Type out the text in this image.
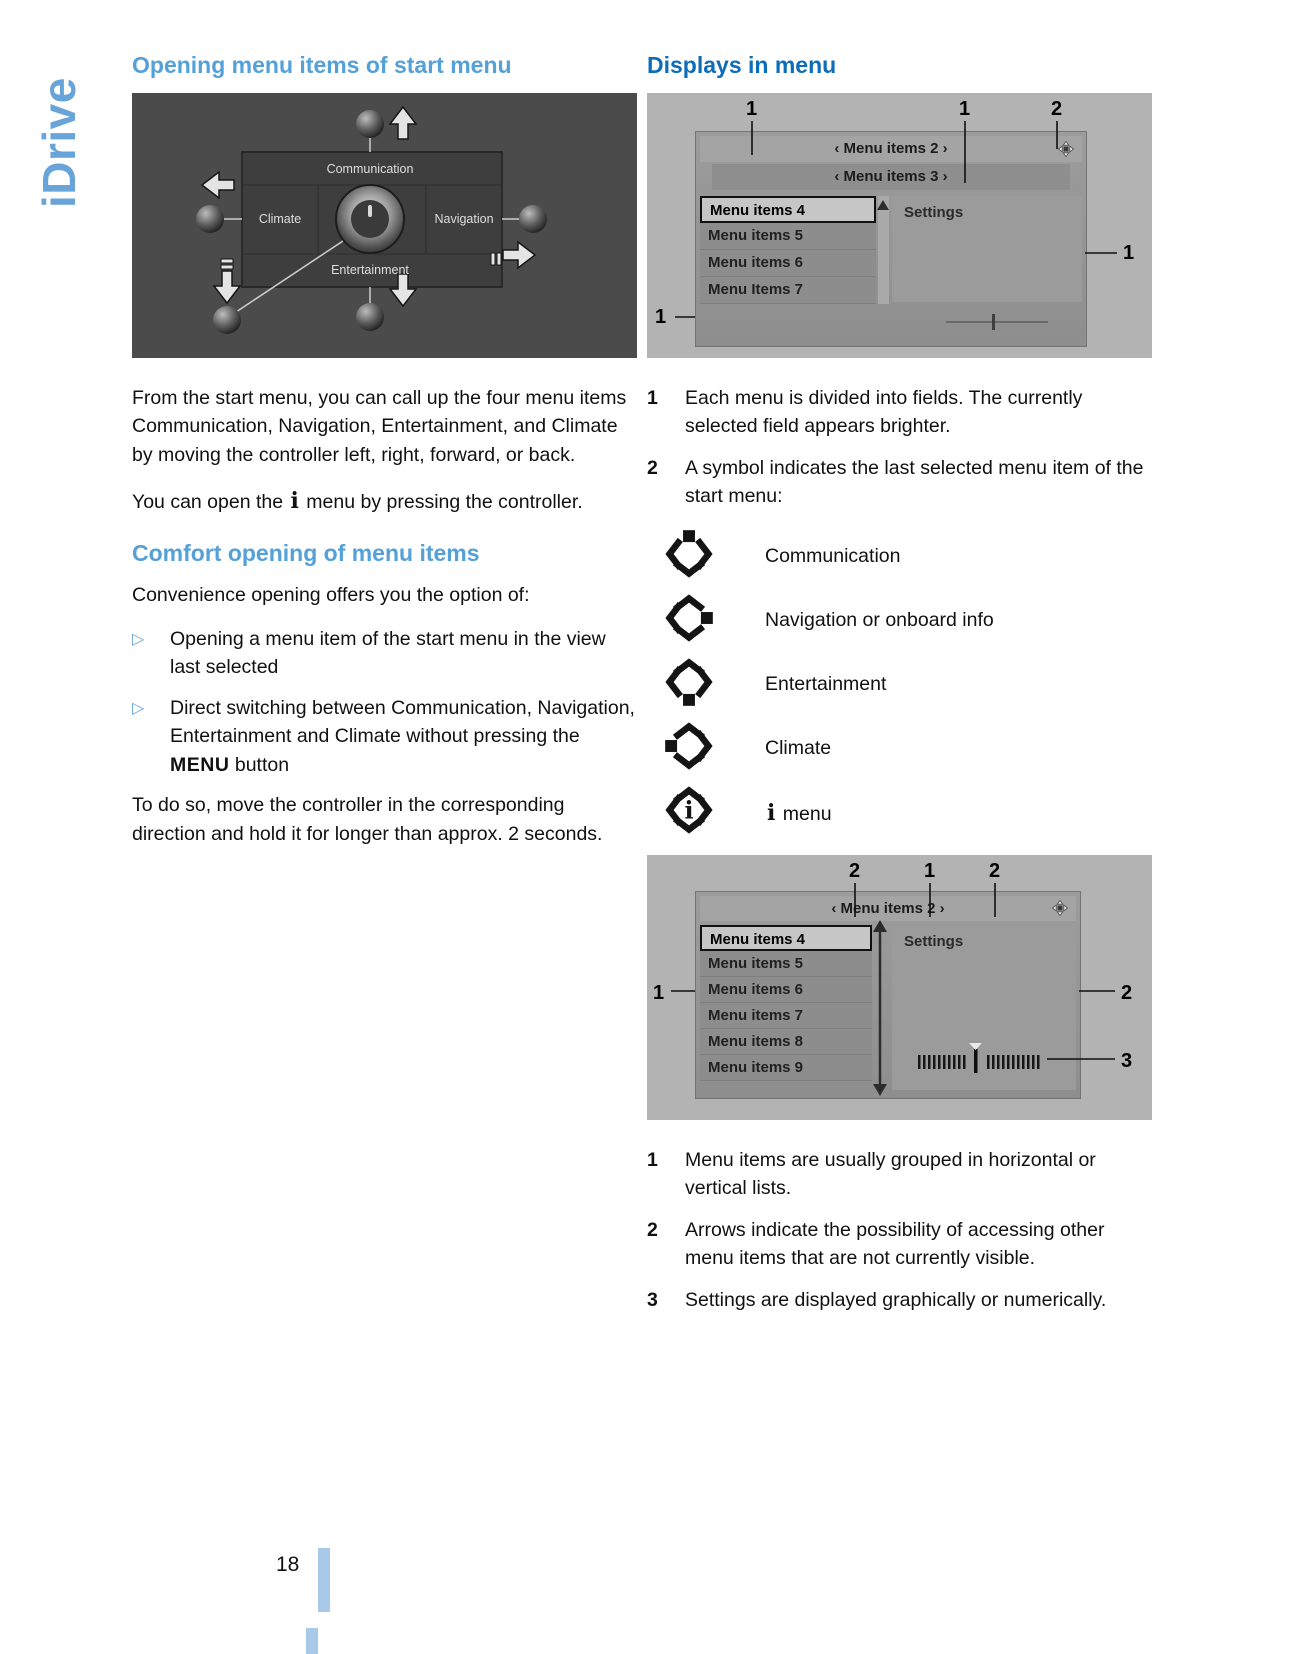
iDrive
Opening menu items of start menu
Communication
Climate	Navigation
Entertainment

From the start menu, you can call up the four menu items Communication, Navigation, Entertainment, and Climate by moving the controller left, right, forward, or back.

You can open the i menu by pressing the controller.

Comfort opening of menu items

Convenience opening offers you the option of:

▷	Opening a menu item of the start menu in the view last selected
▷	Direct switching between Communication, Navigation, Entertainment and Climate without pressing the MENU button

To do so, move the controller in the corresponding direction and hold it for longer than approx. 2 seconds.

Displays in menu
‹ Menu items 2 ›
‹ Menu items 3 ›
Menu items 4
Menu items 5
Menu items 6
Menu Items 7
Settings
1	1	2
1
1
1	Each menu is divided into fields. The currently selected field appears brighter.
2	A symbol indicates the last selected menu item of the start menu:
Communication
Navigation or onboard info
Entertainment
Climate
i	i menu
‹ Menu items 2 ›
Menu items 4
Menu items 5
Menu items 6
Menu items 7
Menu items 8
Menu items 9
Settings
2	1	2
1	2
3
1	Menu items are usually grouped in horizontal or vertical lists.
2	Arrows indicate the possibility of accessing other menu items that are not currently visible.
3	Settings are displayed graphically or numerically.
18
